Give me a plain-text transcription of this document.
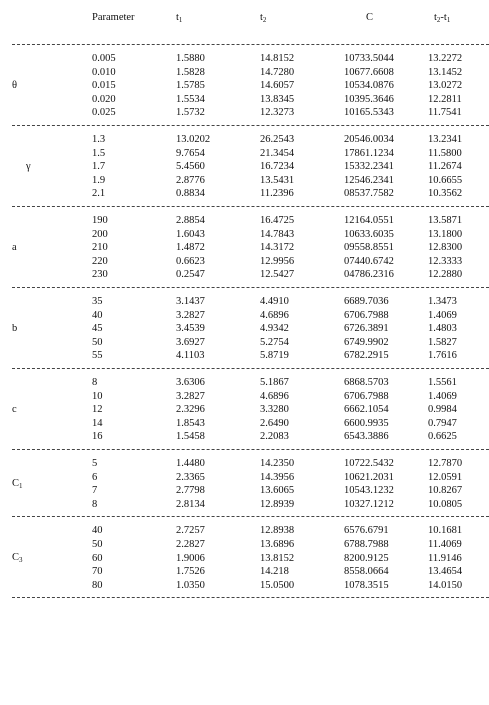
Parameter	$t_1$	$t_2$	C	$t_2-t_1$
θ
0.005	1.5880	14.8152	10733.5044	13.2272
0.010	1.5828	14.7280	10677.6608	13.1452
0.015	1.5785	14.6057	10534.0876	13.0272
0.020	1.5534	13.8345	10395.3646	12.2811
0.025	1.5732	12.3273	10165.5343	11.7541
γ
1.3	13.0202	26.2543	20546.0034	13.2341
1.5	9.7654	21.3454	17861.1234	11.5800
1.7	5.4560	16.7234	15332.2341	11.2674
1.9	2.8776	13.5431	12546.2341	10.6655
2.1	0.8834	11.2396	08537.7582	10.3562
a
190	2.8854	16.4725	12164.0551	13.5871
200	1.6043	14.7843	10633.6035	13.1800
210	1.4872	14.3172	09558.8551	12.8300
220	0.6623	12.9956	07440.6742	12.3333
230	0.2547	12.5427	04786.2316	12.2880
b
35	3.1437	4.4910	6689.7036	1.3473
40	3.2827	4.6896	6706.7988	1.4069
45	3.4539	4.9342	6726.3891	1.4803
50	3.6927	5.2754	6749.9902	1.5827
55	4.1103	5.8719	6782.2915	1.7616
c
8	3.6306	5.1867	6868.5703	1.5561
10	3.2827	4.6896	6706.7988	1.4069
12	2.3296	3.3280	6662.1054	0.9984
14	1.8543	2.6490	6600.9935	0.7947
16	1.5458	2.2083	6543.3886	0.6625
$C_1$
5	1.4480	14.2350	10722.5432	12.7870
6	2.3365	14.3956	10621.2031	12.0591
7	2.7798	13.6065	10543.1232	10.8267
8	2.8134	12.8939	10327.1212	10.0805
$C_3$
40	2.7257	12.8938	6576.6791	10.1681
50	2.2827	13.6896	6788.7988	11.4069
60	1.9006	13.8152	8200.9125	11.9146
70	1.7526	14.218	8558.0664	13.4654
80	1.0350	15.0500	1078.3515	14.0150
